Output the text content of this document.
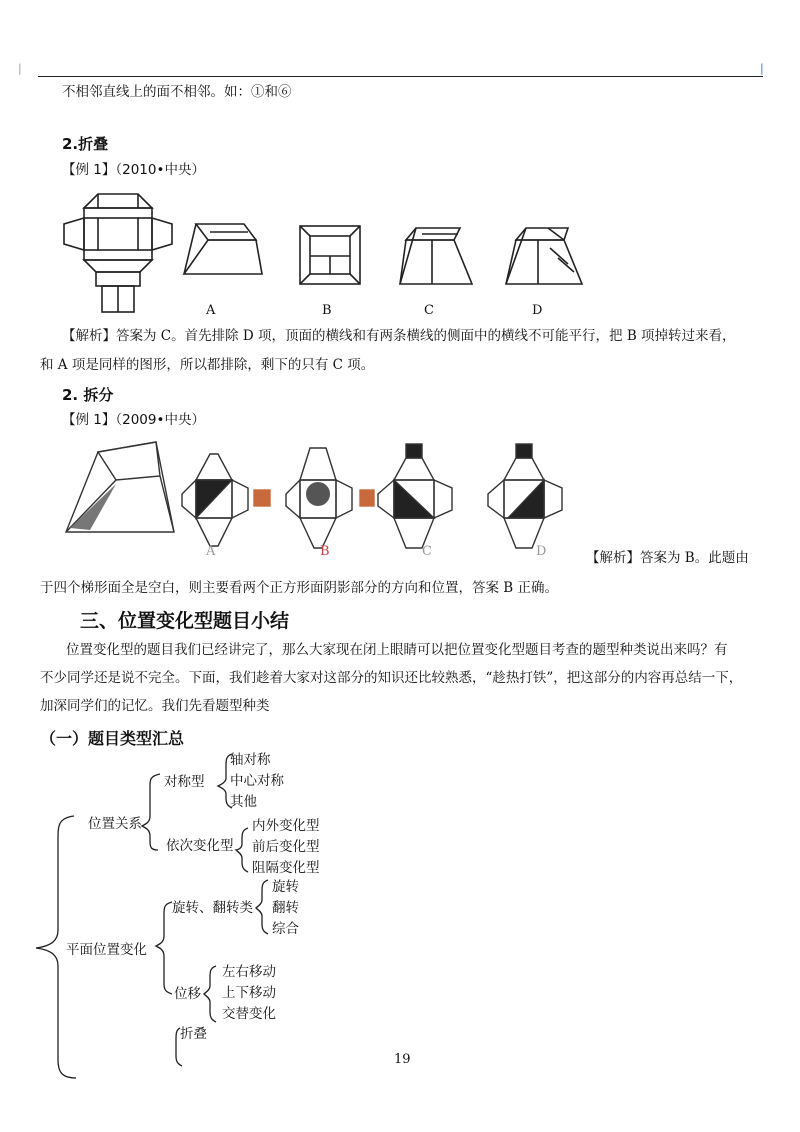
|	|
不相邻直线上的面不相邻。如：①和⑥
2.折叠
【例 1】（2010•中央）
A	B	C	D
【解析】答案为 C。首先排除 D 项，顶面的横线和有两条横线的侧面中的横线不可能平行，把 B 项掉转过来看，
和 A 项是同样的图形，所以都排除，剩下的只有 C 项。
2. 拆分
【例 1】（2009•中央）
A	B	C	D	【解析】答案为 B。此题由
于四个梯形面全是空白，则主要看两个正方形面阴影部分的方向和位置，答案 B 正确。
三、位置变化型题目小结
位置变化型的题目我们已经讲完了，那么大家现在闭上眼睛可以把位置变化型题目考查的题型种类说出来吗？有
不少同学还是说不完全。下面，我们趁着大家对这部分的知识还比较熟悉，“趁热打铁”，把这部分的内容再总结一下，
加深同学们的记忆。我们先看题型种类
（一）题目类型汇总
位置关系
对称型
轴对称
中心对称
其他
依次变化型
内外变化型
前后变化型
阻隔变化型
平面位置变化
旋转、翻转类
旋转
翻转
综合
位移
左右移动
上下移动
交替变化
折叠
19
